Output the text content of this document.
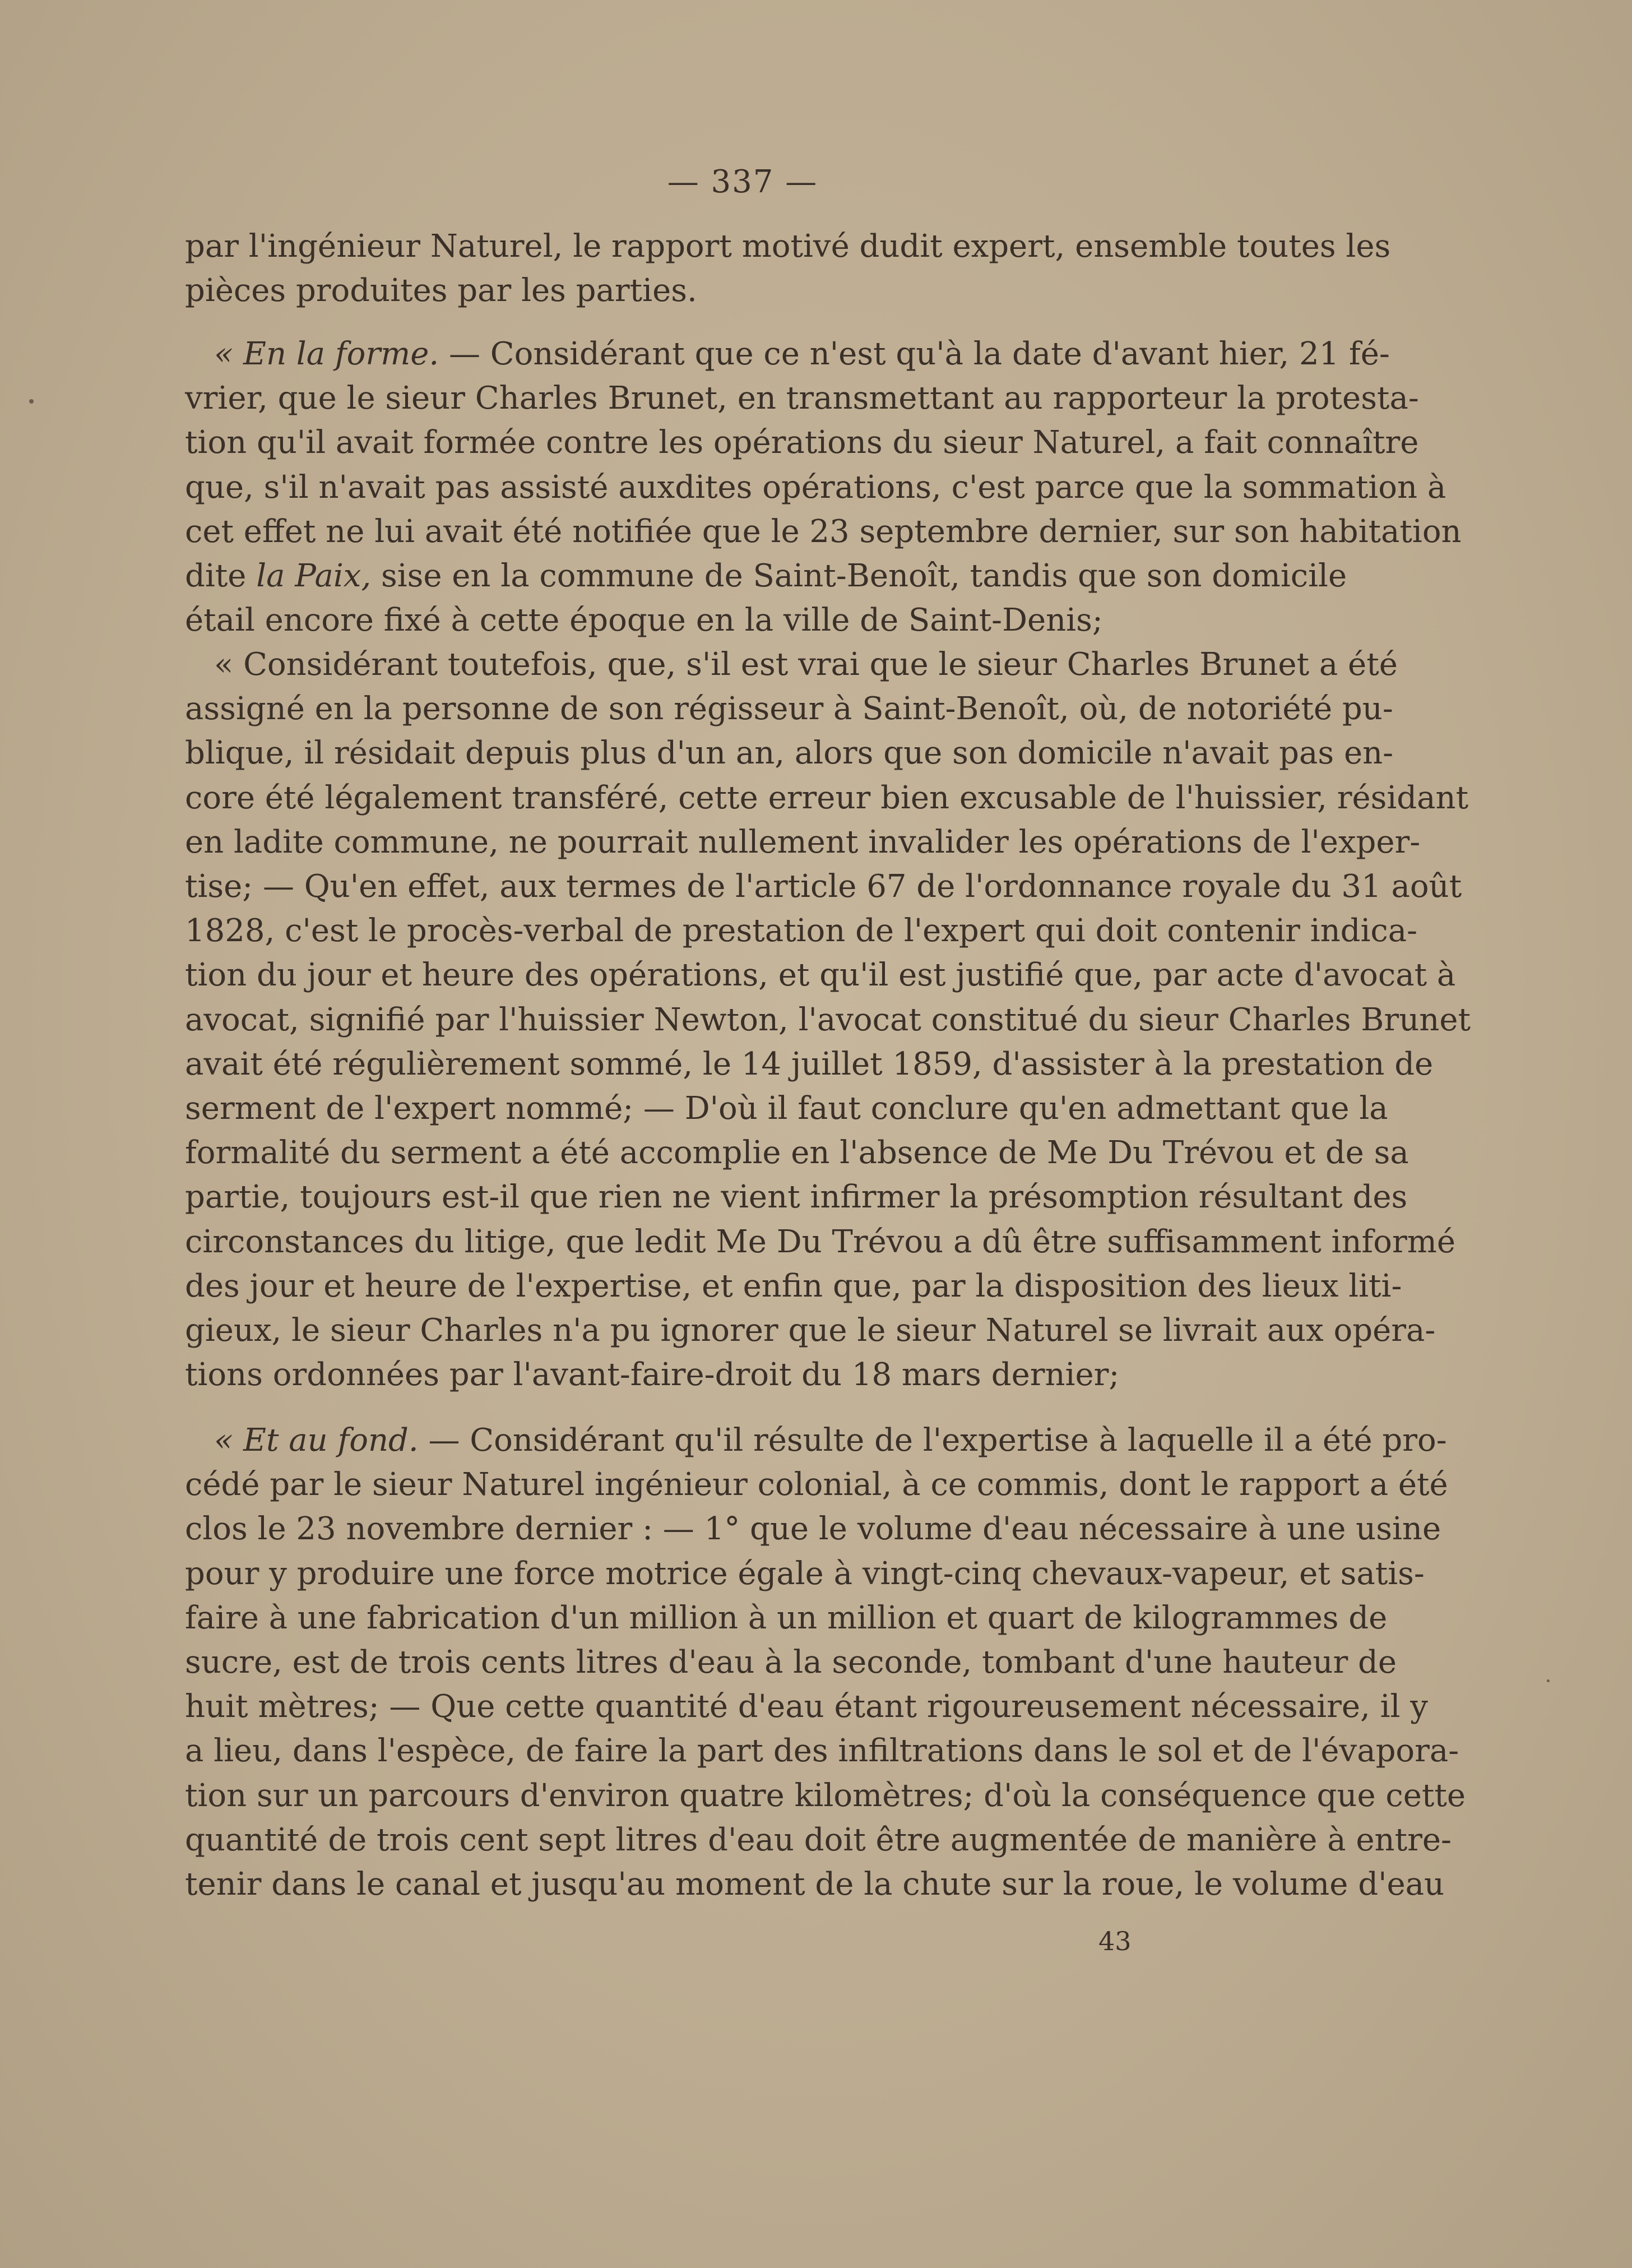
— 337 —
par l'ingénieur Naturel, le rapport motivé dudit expert, ensemble toutes les
pièces produites par les parties.
« En la forme. — Considérant que ce n'est qu'à la date d'avant hier, 21 fé-
vrier, que le sieur Charles Brunet, en transmettant au rapporteur la protesta-
tion qu'il avait formée contre les opérations du sieur Naturel, a fait connaître
que, s'il n'avait pas assisté auxdites opérations, c'est parce que la sommation à
cet effet ne lui avait été notifiée que le 23 septembre dernier, sur son habitation
dite la Paix, sise en la commune de Saint-Benoît, tandis que son domicile
étail encore fixé à cette époque en la ville de Saint-Denis;
« Considérant toutefois, que, s'il est vrai que le sieur Charles Brunet a été
assigné en la personne de son régisseur à Saint-Benoît, où, de notoriété pu-
blique, il résidait depuis plus d'un an, alors que son domicile n'avait pas en-
core été légalement transféré, cette erreur bien excusable de l'huissier, résidant
en ladite commune, ne pourrait nullement invalider les opérations de l'exper-
tise; — Qu'en effet, aux termes de l'article 67 de l'ordonnance royale du 31 août
1828, c'est le procès-verbal de prestation de l'expert qui doit contenir indica-
tion du jour et heure des opérations, et qu'il est justifié que, par acte d'avocat à
avocat, signifié par l'huissier Newton, l'avocat constitué du sieur Charles Brunet
avait été régulièrement sommé, le 14 juillet 1859, d'assister à la prestation de
serment de l'expert nommé; — D'où il faut conclure qu'en admettant que la
formalité du serment a été accomplie en l'absence de Me Du Trévou et de sa
partie, toujours est-il que rien ne vient infirmer la présomption résultant des
circonstances du litige, que ledit Me Du Trévou a dû être suffisamment informé
des jour et heure de l'expertise, et enfin que, par la disposition des lieux liti-
gieux, le sieur Charles n'a pu ignorer que le sieur Naturel se livrait aux opéra-
tions ordonnées par l'avant-faire-droit du 18 mars dernier;
« Et au fond. — Considérant qu'il résulte de l'expertise à laquelle il a été pro-
cédé par le sieur Naturel ingénieur colonial, à ce commis, dont le rapport a été
clos le 23 novembre dernier : — 1° que le volume d'eau nécessaire à une usine
pour y produire une force motrice égale à vingt-cinq chevaux-vapeur, et satis-
faire à une fabrication d'un million à un million et quart de kilogrammes de
sucre, est de trois cents litres d'eau à la seconde, tombant d'une hauteur de
huit mètres; — Que cette quantité d'eau étant rigoureusement nécessaire, il y
a lieu, dans l'espèce, de faire la part des infiltrations dans le sol et de l'évapora-
tion sur un parcours d'environ quatre kilomètres; d'où la conséquence que cette
quantité de trois cent sept litres d'eau doit être augmentée de manière à entre-
tenir dans le canal et jusqu'au moment de la chute sur la roue, le volume d'eau
43
